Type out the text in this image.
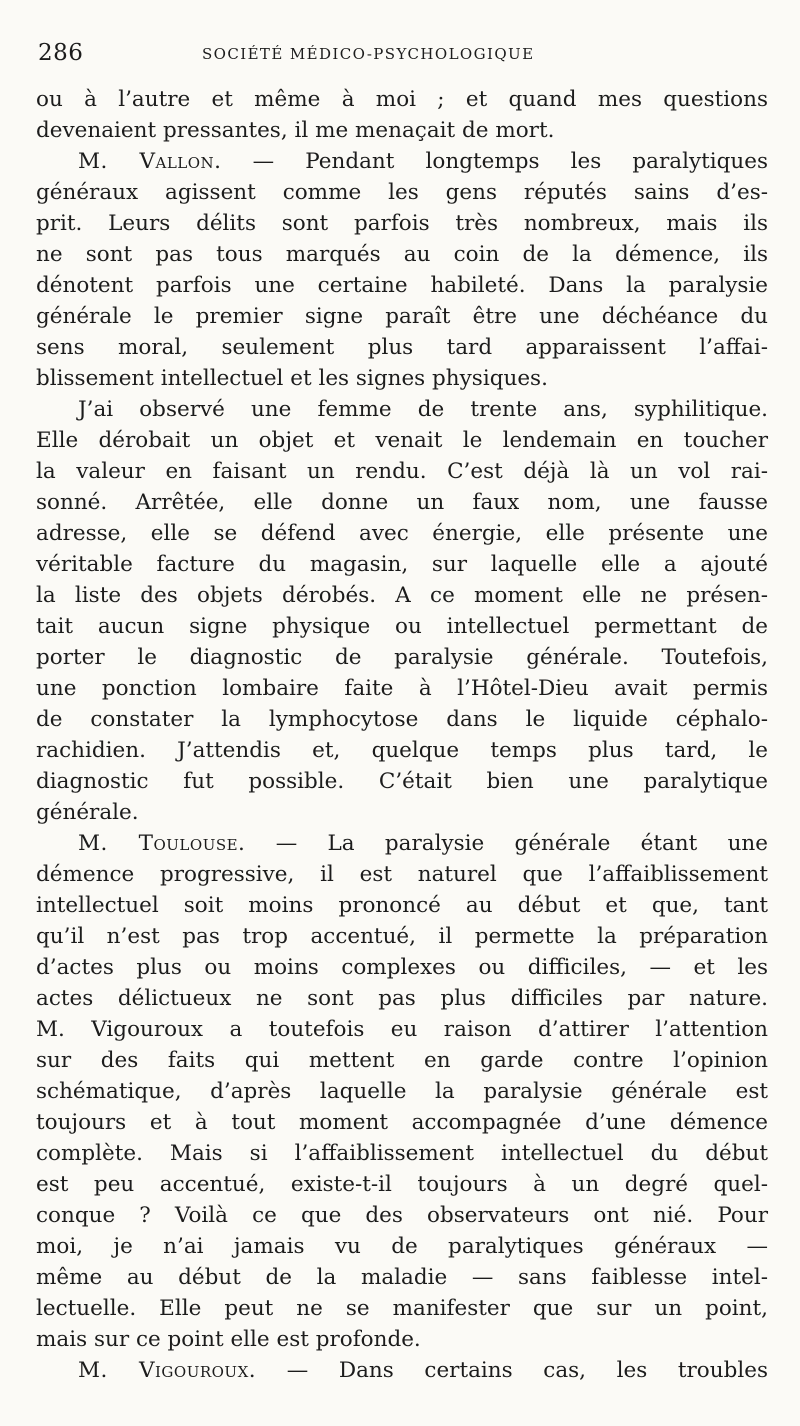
286	SOCIÉTÉ MÉDICO-PSYCHOLOGIQUE
ou à l’autre et même à moi ; et quand mes questions
devenaient pressantes, il me menaçait de mort.
M. Vallon. — Pendant longtemps les paralytiques
généraux agissent comme les gens réputés sains d’es-
prit. Leurs délits sont parfois très nombreux, mais ils
ne sont pas tous marqués au coin de la démence, ils
dénotent parfois une certaine habileté. Dans la paralysie
générale le premier signe paraît être une déchéance du
sens moral, seulement plus tard apparaissent l’affai-
blissement intellectuel et les signes physiques.
J’ai observé une femme de trente ans, syphilitique.
Elle dérobait un objet et venait le lendemain en toucher
la valeur en faisant un rendu. C’est déjà là un vol rai-
sonné. Arrêtée, elle donne un faux nom, une fausse
adresse, elle se défend avec énergie, elle présente une
véritable facture du magasin, sur laquelle elle a ajouté
la liste des objets dérobés. A ce moment elle ne présen-
tait aucun signe physique ou intellectuel permettant de
porter le diagnostic de paralysie générale. Toutefois,
une ponction lombaire faite à l’Hôtel-Dieu avait permis
de constater la lymphocytose dans le liquide céphalo-
rachidien. J’attendis et, quelque temps plus tard, le
diagnostic fut possible. C’était bien une paralytique
générale.
M. Toulouse. — La paralysie générale étant une
démence progressive, il est naturel que l’affaiblissement
intellectuel soit moins prononcé au début et que, tant
qu’il n’est pas trop accentué, il permette la préparation
d’actes plus ou moins complexes ou difficiles, — et les
actes délictueux ne sont pas plus difficiles par nature.
M. Vigouroux a toutefois eu raison d’attirer l’attention
sur des faits qui mettent en garde contre l’opinion
schématique, d’après laquelle la paralysie générale est
toujours et à tout moment accompagnée d’une démence
complète. Mais si l’affaiblissement intellectuel du début
est peu accentué, existe-t-il toujours à un degré quel-
conque ? Voilà ce que des observateurs ont nié. Pour
moi, je n’ai jamais vu de paralytiques généraux —
même au début de la maladie — sans faiblesse intel-
lectuelle. Elle peut ne se manifester que sur un point,
mais sur ce point elle est profonde.
M. Vigouroux. — Dans certains cas, les troubles
